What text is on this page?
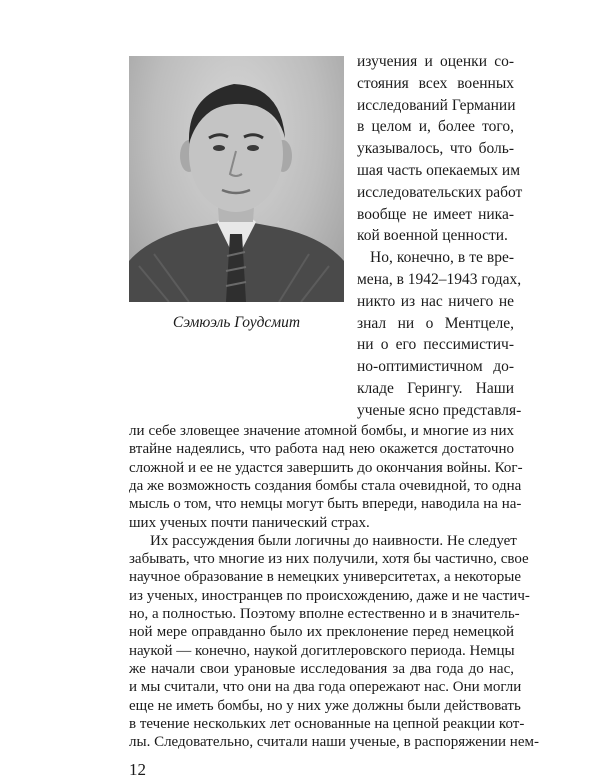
Сэмюэль Гоудсмит
изучения и оценки со-
стояния всех военных
исследований Германии
в целом и, более того,
указывалось, что боль-
шая часть опекаемых им
исследовательских работ
вообще не имеет ника-
кой военной ценности.
Но, конечно, в те вре-
мена, в 1942–1943 годах,
никто из нас ничего не
знал ни о Ментцеле,
ни о его пессимистич-
но-оптимистичном до-
кладе Герингу. Наши
ученые ясно представля-
ли себе зловещее значение атомной бомбы, и многие из них
втайне надеялись, что работа над нею окажется достаточно
сложной и ее не удастся завершить до окончания войны. Ког-
да же возможность создания бомбы стала очевидной, то одна
мысль о том, что немцы могут быть впереди, наводила на на-
ших ученых почти панический страх.
Их рассуждения были логичны до наивности. Не следует
забывать, что многие из них получили, хотя бы частично, свое
научное образование в немецких университетах, а некоторые
из ученых, иностранцев по происхождению, даже и не частич-
но, а полностью. Поэтому вполне естественно и в значитель-
ной мере оправданно было их преклонение перед немецкой
наукой — конечно, наукой догитлеровского периода. Немцы
же начали свои урановые исследования за два года до нас,
и мы считали, что они на два года опережают нас. Они могли
еще не иметь бомбы, но у них уже должны были действовать
в течение нескольких лет основанные на цепной реакции кот-
лы. Следовательно, считали наши ученые, в распоряжении нем-
12
